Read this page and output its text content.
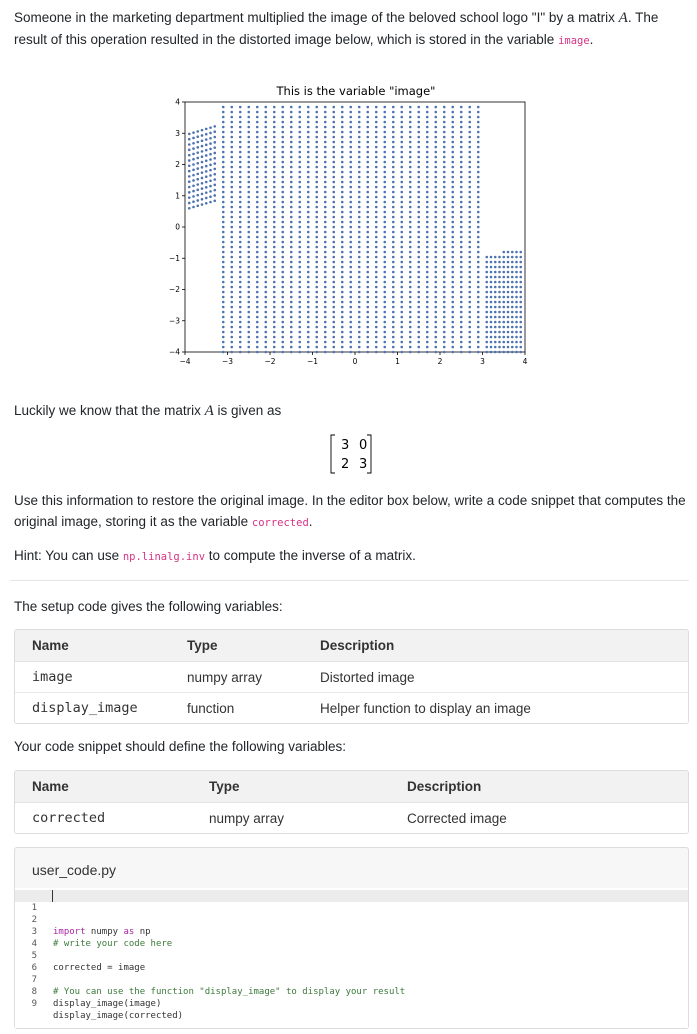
Someone in the marketing department multiplied the image of the beloved school logo "I" by a matrix A. The result of this operation resulted in the distorted image below, which is stored in the variable image.
This is the variable "image"
−4	−3	−2	−1	0	1	2	3	4
4
3
2
1
0
−1
−2
−3
−4
Luckily we know that the matrix A is given as
3 0
2 3
Use this information to restore the original image. In the editor box below, write a code snippet that computes the original image, storing it as the variable corrected.
Hint: You can use np.linalg.inv to compute the inverse of a matrix.
The setup code gives the following variables:
Name	Type	Description
image	numpy array	Distorted image
display_image	function	Helper function to display an image
Your code snippet should define the following variables:
Name	Type	Description
corrected	numpy array	Corrected image
user_code.py

1

import numpy as np

2

3

# write your code here

4

5

corrected = image

6

7

# You can use the function "display_image" to display your result

8

display_image(image)

9

display_image(corrected)
